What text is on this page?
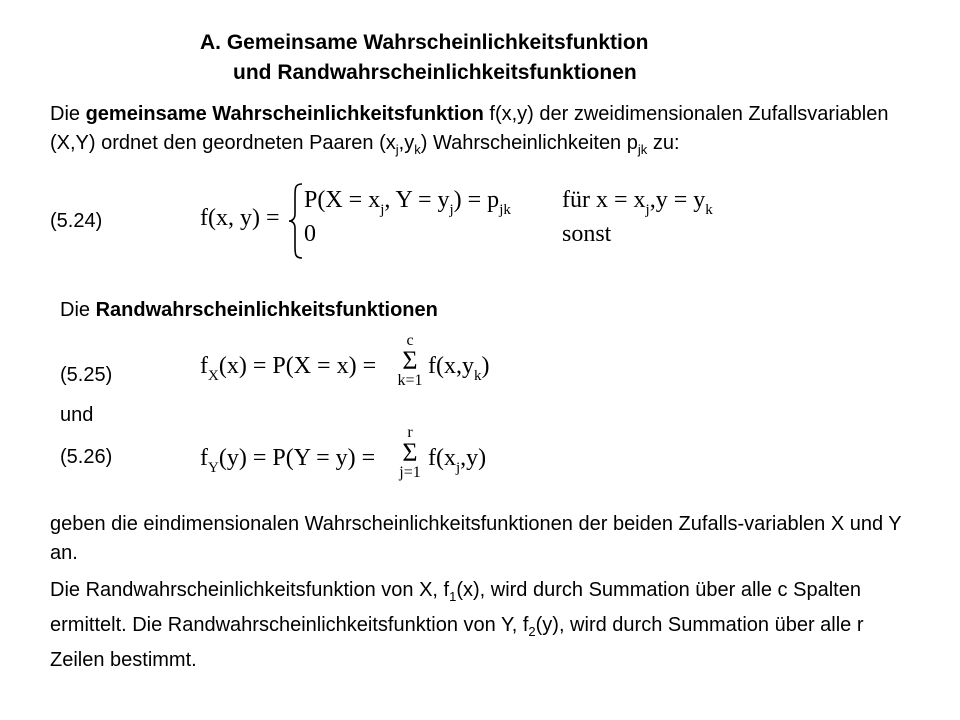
A. Gemeinsame Wahrscheinlichkeitsfunktion
und Randwahrscheinlichkeitsfunktionen
Die gemeinsame Wahrscheinlichkeitsfunktion f(x,y) der zweidimensionalen Zufallsvariablen (X,Y) ordnet den geordneten Paaren $(x_j,y_k)$ Wahrscheinlichkeiten $p_{jk}$ zu:
(5.24)	f(x, y) =
$P(X = x_j$, $Y = y_j) = p_{jk}$
0
für $x = x_j,y = y_k$
sonst
Die Randwahrscheinlichkeitsfunktionen
(5.25)	$f_X(x) = P(X = x)$ =
c
Σ
k=1
$f(x,y_k)$
und
(5.26)	$f_Y(y) = P(Y = y)$ =
r
Σ
j=1
$f(x_j,y)$
geben die eindimensionalen Wahrscheinlichkeitsfunktionen der beiden Zufalls-variablen X und Y an.
Die Randwahrscheinlichkeitsfunktion von X, $f_1(x)$, wird durch Summation über alle c Spalten ermittelt. Die Randwahrscheinlichkeitsfunktion von Y, $f_2(y)$, wird durch Summation über alle r Zeilen bestimmt.
